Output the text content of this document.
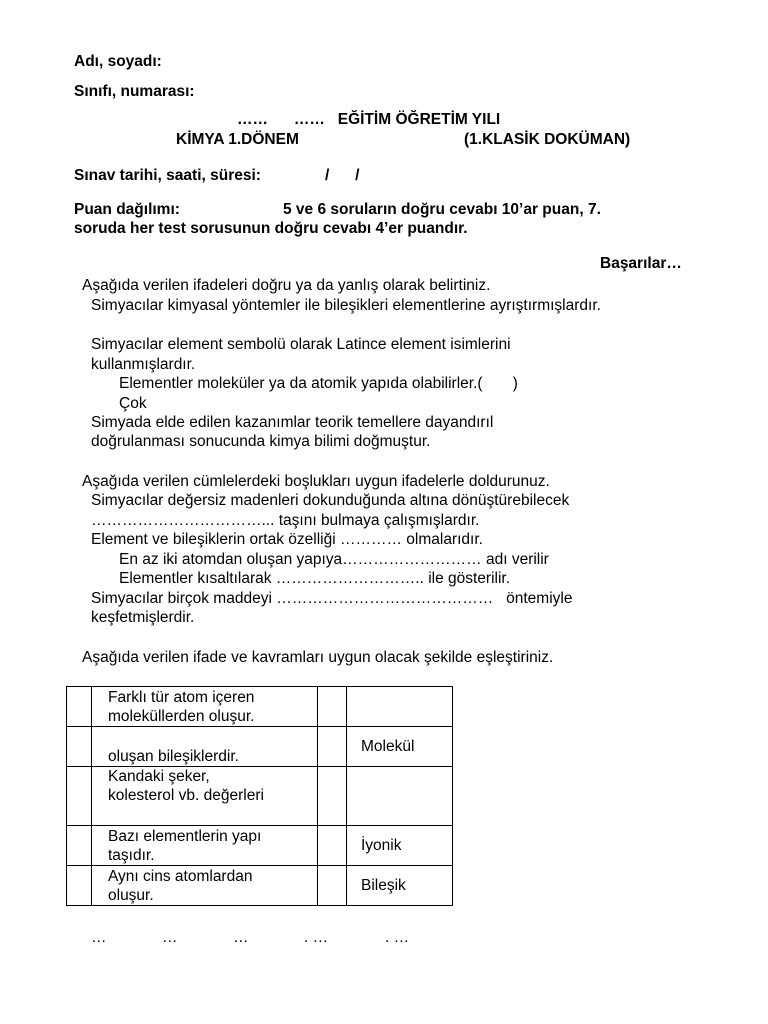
Adı, soyadı:
Sınıfı, numarası:
……      ……   EĞİTİM ÖĞRETİM YILI
KİMYA 1.DÖNEM	(1.KLASİK DOKÜMAN)
Sınav tarihi, saati, süresi:	/      /
Puan dağılımı:	5 ve 6 soruların doğru cevabı 10’ar puan, 7.
soruda her test sorusunun doğru cevabı 4’er puandır.
Başarılar…
Aşağıda verilen ifadeleri doğru ya da yanlış olarak belirtiniz.
Simyacılar kimyasal yöntemler ile bileşikleri elementlerine ayrıştırmışlardır.
Simyacılar element sembolü olarak Latince element isimlerini
kullanmışlardır.
Elementler moleküler ya da atomik yapıda olabilirler.(       )
Çok
Simyada elde edilen kazanımlar teorik temellere dayandırıl
doğrulanması sonucunda kimya bilimi doğmuştur.
Aşağıda verilen cümlelerdeki boşlukları uygun ifadelerle doldurunuz.
Simyacılar değersiz madenleri dokunduğunda altına dönüştürebilecek
……………………………... taşını bulmaya çalışmışlardır.
Element ve bileşiklerin ortak özelliği ………… olmalarıdır.
En az iki atomdan oluşan yapıya……………………… adı verilir
Elementler kısaltılarak ……………………….. ile gösterilir.
Simyacılar birçok maddeyi ……………………………………   öntemiyle
keşfetmişlerdir.
Aşağıda verilen ifade ve kavramları uygun olacak şekilde eşleştiriniz.

	Farklı tür atom içeren
moleküllerden oluşur.		

	oluşan bileşiklerdir.		Molekül

	Kandaki şeker,
kolesterol vb. değerleri		

	Bazı elementlerin yapı
taşıdır.		İyonik

	Aynı cins atomlardan
oluşur.		Bileşik
…	…	…	. …	. …
